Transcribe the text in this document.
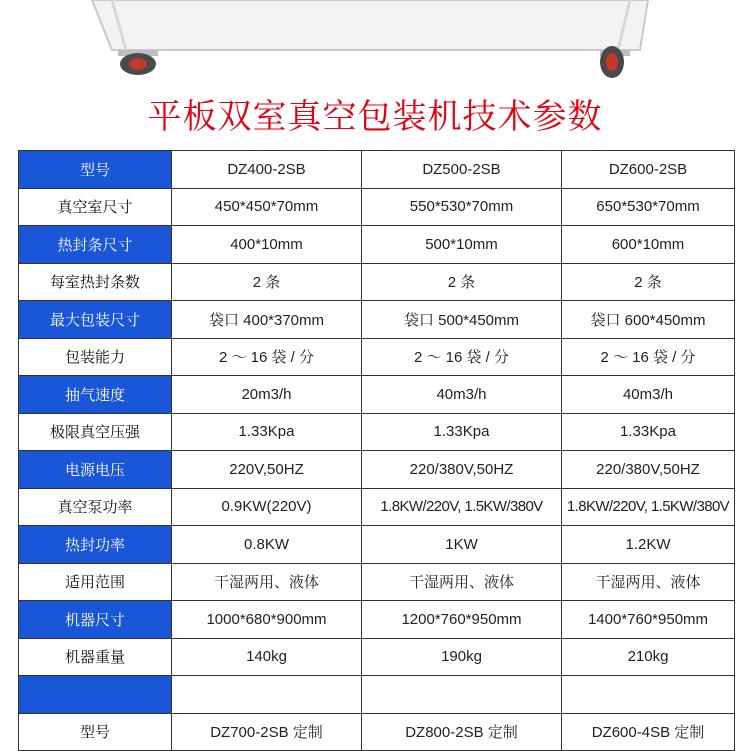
平板双室真空包装机技术参数
型号	DZ400-2SB	DZ500-2SB	DZ600-2SB
真空室尺寸	450*450*70mm	550*530*70mm	650*530*70mm
热封条尺寸	400*10mm	500*10mm	600*10mm
每室热封条数	2 条	2 条	2 条
最大包装尺寸	袋口 400*370mm	袋口 500*450mm	袋口 600*450mm
包装能力	2 ～ 16 袋 / 分	2 ～ 16 袋 / 分	2 ～ 16 袋 / 分
抽气速度	20m3/h	40m3/h	40m3/h
极限真空压强	1.33Kpa	1.33Kpa	1.33Kpa
电源电压	220V,50HZ	220/380V,50HZ	220/380V,50HZ
真空泵功率	0.9KW(220V)	1.8KW/220V, 1.5KW/380V	1.8KW/220V, 1.5KW/380V
热封功率	0.8KW	1KW	1.2KW
适用范围	干湿两用、液体	干湿两用、液体	干湿两用、液体
机器尺寸	1000*680*900mm	1200*760*950mm	1400*760*950mm
机器重量	140kg	190kg	210kg

型号	DZ700-2SB 定制	DZ800-2SB 定制	DZ600-4SB 定制
